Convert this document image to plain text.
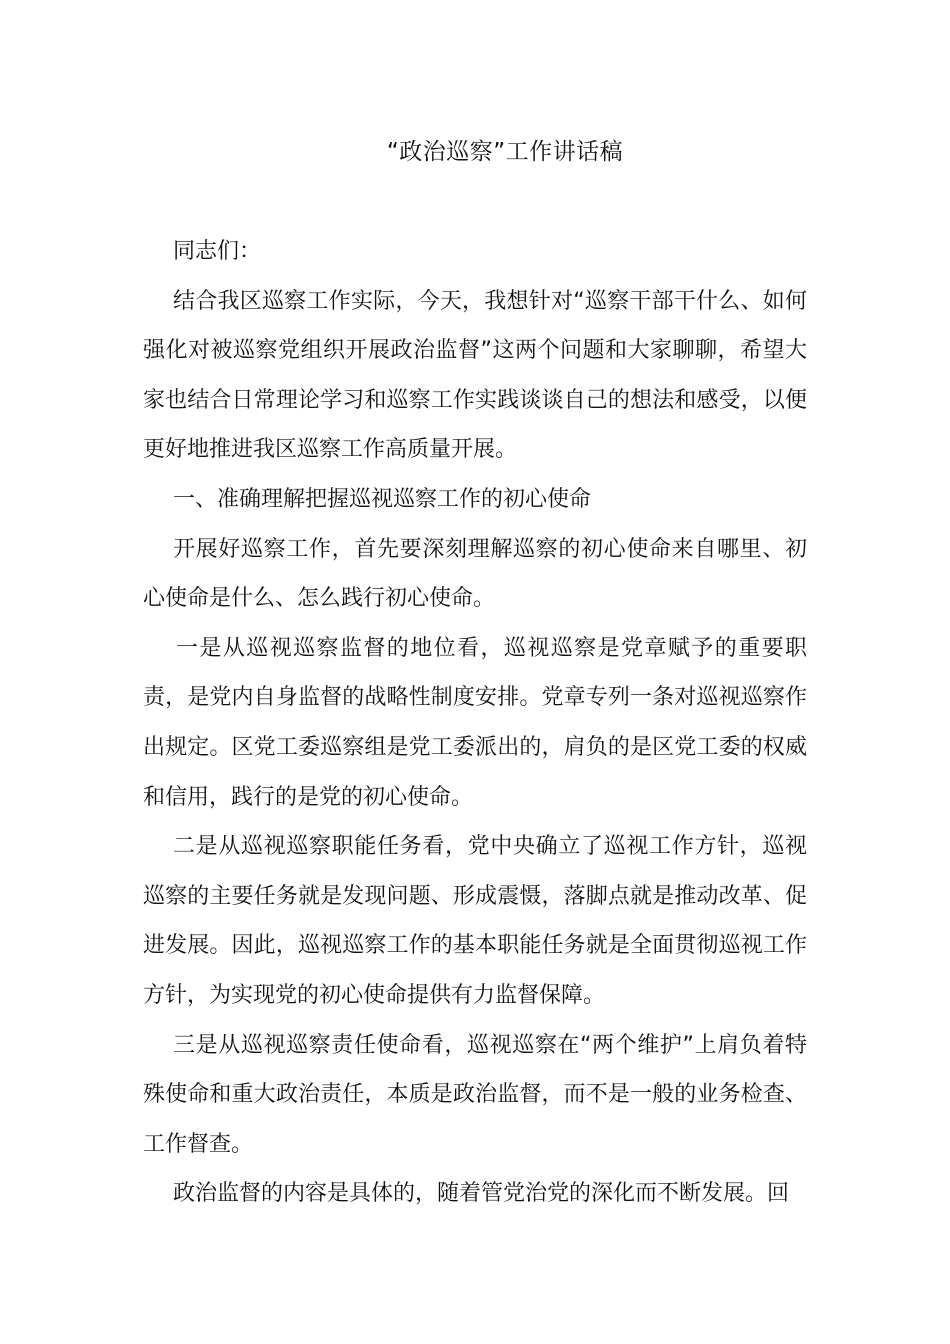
“政治巡察”工作讲话稿

同志们：

结合我区巡察工作实际，今天，我想针对“巡察干部干什么、如何强化对被巡察党组织开展政治监督”这两个问题和大家聊聊，希望大家也结合日常理论学习和巡察工作实践谈谈自己的想法和感受，以便更好地推进我区巡察工作高质量开展。

一、准确理解把握巡视巡察工作的初心使命

开展好巡察工作，首先要深刻理解巡察的初心使命来自哪里、初心使命是什么、怎么践行初心使命。

一是从巡视巡察监督的地位看，巡视巡察是党章赋予的重要职责，是党内自身监督的战略性制度安排。党章专列一条对巡视巡察作出规定。区党工委巡察组是党工委派出的，肩负的是区党工委的权威和信用，践行的是党的初心使命。

二是从巡视巡察职能任务看，党中央确立了巡视工作方针，巡视巡察的主要任务就是发现问题、形成震慑，落脚点就是推动改革、促进发展。因此，巡视巡察工作的基本职能任务就是全面贯彻巡视工作方针，为实现党的初心使命提供有力监督保障。

三是从巡视巡察责任使命看，巡视巡察在“两个维护”上肩负着特殊使命和重大政治责任，本质是政治监督，而不是一般的业务检查、工作督查。

政治监督的内容是具体的，随着管党治党的深化而不断发展。回
